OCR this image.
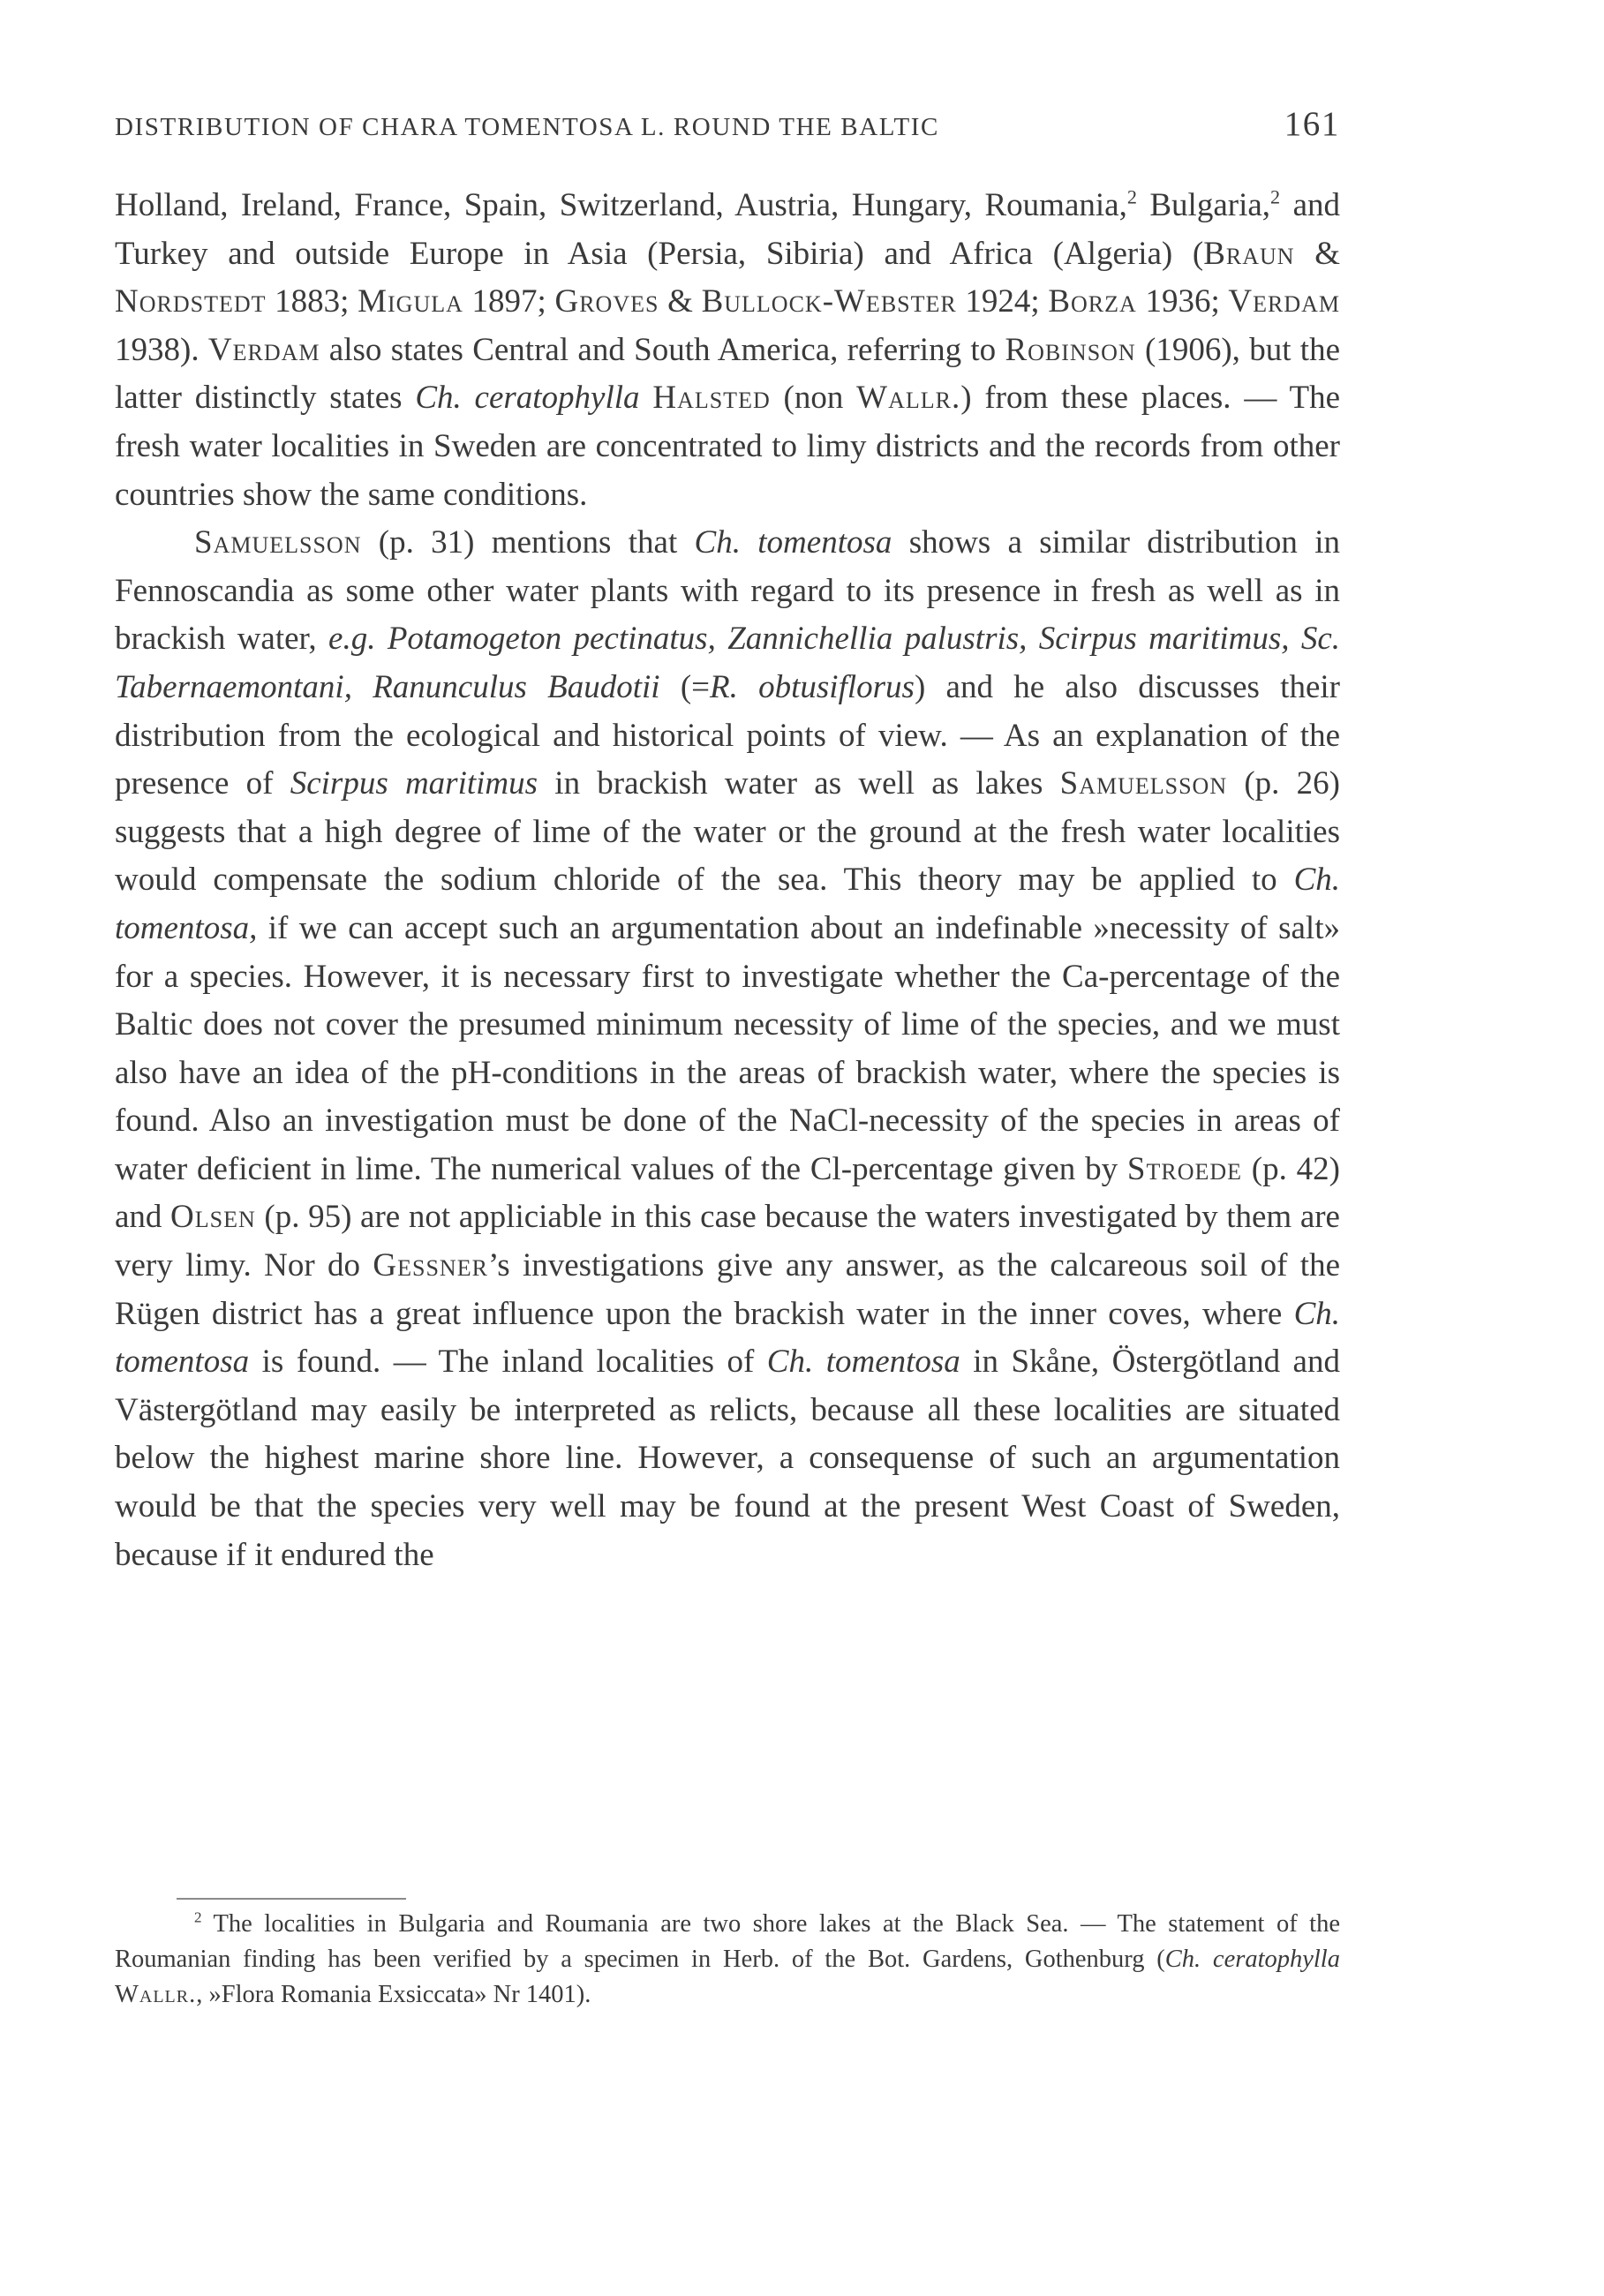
DISTRIBUTION OF CHARA TOMENTOSA L. ROUND THE BALTIC	161

Holland, Ireland, France, Spain, Switzerland, Austria, Hungary, Roumania,$^2$ Bulgaria,$^2$ and Turkey and outside Europe in Asia (Persia, Sibiria) and Africa (Algeria) (Braun & Nordstedt 1883; Migula 1897; Groves & Bullock-Webster 1924; Borza 1936; Verdam 1938). Verdam also states Central and South America, referring to Robinson (1906), but the latter distinctly states Ch. ceratophylla Halsted (non Wallr.) from these places. — The fresh water localities in Sweden are concentrated to limy districts and the records from other countries show the same conditions.

Samuelsson (p. 31) mentions that Ch. tomentosa shows a similar distribution in Fennoscandia as some other water plants with regard to its presence in fresh as well as in brackish water, e.g. Potamogeton pectinatus, Zannichellia palustris, Scirpus maritimus, Sc. Tabernaemontani, Ranunculus Baudotii (=R. obtusiflorus) and he also discusses their distribution from the ecological and historical points of view. — As an explanation of the presence of Scirpus maritimus in brackish water as well as lakes Samuelsson (p. 26) suggests that a high degree of lime of the water or the ground at the fresh water localities would compensate the sodium chloride of the sea. This theory may be applied to Ch. tomentosa, if we can accept such an argumentation about an indefinable »necessity of salt» for a species. However, it is necessary first to investigate whether the Ca-percentage of the Baltic does not cover the presumed minimum necessity of lime of the species, and we must also have an idea of the pH-conditions in the areas of brackish water, where the species is found. Also an investigation must be done of the NaCl-necessity of the species in areas of water deficient in lime. The numerical values of the Cl-percentage given by Stroede (p. 42) and Olsen (p. 95) are not appliciable in this case because the waters investigated by them are very limy. Nor do Gessner’s investigations give any answer, as the calcareous soil of the Rügen district has a great influence upon the brackish water in the inner coves, where Ch. tomentosa is found. — The inland localities of Ch. tomentosa in Skåne, Östergötland and Västergötland may easily be interpreted as relicts, because all these localities are situated below the highest marine shore line. However, a consequense of such an argumentation would be that the species very well may be found at the present West Coast of Sweden, because if it endured the

$^2$ The localities in Bulgaria and Roumania are two shore lakes at the Black Sea. — The statement of the Roumanian finding has been verified by a specimen in Herb. of the Bot. Gardens, Gothenburg (Ch. ceratophylla Wallr., »Flora Romania Exsiccata» Nr 1401).
